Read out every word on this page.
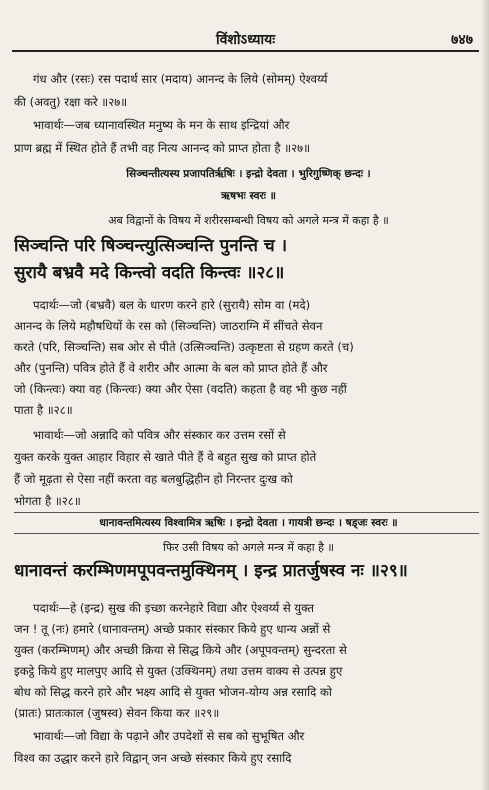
विंशोऽध्यायः	७४७
गंध और (रसः) रस पदार्थ सार (मदाय) आनन्द के लिये (सोमम्) ऐश्वर्य्य
की (अवतु) रक्षा करे ॥२७॥
भावार्थः—जब ध्यानावस्थित मनुष्य के मन के साथ इन्द्रियां और
प्राण ब्रह्म में स्थित होते हैं तभी वह नित्य आनन्द को प्राप्त होता है ॥२७॥
सिञ्चन्तीत्यस्य प्रजापतिर्ऋषिः । इन्द्रो देवता । भुरिगुष्णिक् छन्दः ।
ऋषभः स्वरः ॥
अब विद्वानों के विषय में शरीरसम्बन्धी विषय को अगले मन्त्र में कहा है ॥
सिञ्चन्ति परि षिञ्चन्त्युत्सिञ्चन्ति पुनन्ति च ।
सुरायै बभ्रवै मदे किन्त्वो वदति किन्त्वः ॥२८॥
पदार्थः—जो (बभ्रवै) बल के धारण करने हारे (सुरायै) सोम वा (मदे)
आनन्द के लिये महौषधियों के रस को (सिञ्चन्ति) जाठराग्नि में सींचते सेवन
करते (परि, सिञ्चन्ति) सब ओर से पीते (उत्सिञ्चन्ति) उत्कृष्टता से ग्रहण करते (च)
और (पुनन्ति) पवित्र होते हैं वे शरीर और आत्मा के बल को प्राप्त होते हैं और
जो (किन्त्वः) क्या वह (किन्त्वः) क्या और ऐसा (वदति) कहता है वह भी कुछ नहीं
पाता है ॥२८॥
भावार्थः—जो अन्नादि को पवित्र और संस्कार कर उत्तम रसों से
युक्त करके युक्त आहार विहार से खाते पीते हैं वे बहुत सुख को प्राप्त होते
हैं जो मूढ़ता से ऐसा नहीं करता वह बलबुद्धिहीन हो निरन्तर दुःख को
भोगता है ॥२८॥
धानावन्तमित्यस्य विश्वामित्र ऋषिः । इन्द्रो देवता । गायत्री छन्दः । षड्जः स्वरः ॥
फिर उसी विषय को अगले मन्त्र में कहा है ॥
धानावन्तं करम्भिणमपूपवन्तमुक्थिनम् । इन्द्र प्रातर्जुषस्व नः ॥२९॥
पदार्थः—हे (इन्द्र) सुख की इच्छा करनेहारे विद्या और ऐश्वर्य्य से युक्त
जन ! तू (नः) हमारे (धानावन्तम्) अच्छे प्रकार संस्कार किये हुए धान्य अन्नों से
युक्त (करम्भिणम्) और अच्छी क्रिया से सिद्ध किये और (अपूपवन्तम्) सुन्दरता से
इकट्ठे किये हुए मालपुए आदि से युक्त (उक्थिनम्) तथा उत्तम वाक्य से उत्पन्न हुए
बोध को सिद्ध करने हारे और भक्ष्य आदि से युक्त भोजन-योग्य अन्न रसादि को
(प्रातः) प्रातःकाल (जुषस्व) सेवन किया कर ॥२९॥
भावार्थः—जो विद्या के पढ़ाने और उपदेशों से सब को सुभूषित और
विश्व का उद्धार करने हारे विद्वान् जन अच्छे संस्कार किये हुए रसादि
